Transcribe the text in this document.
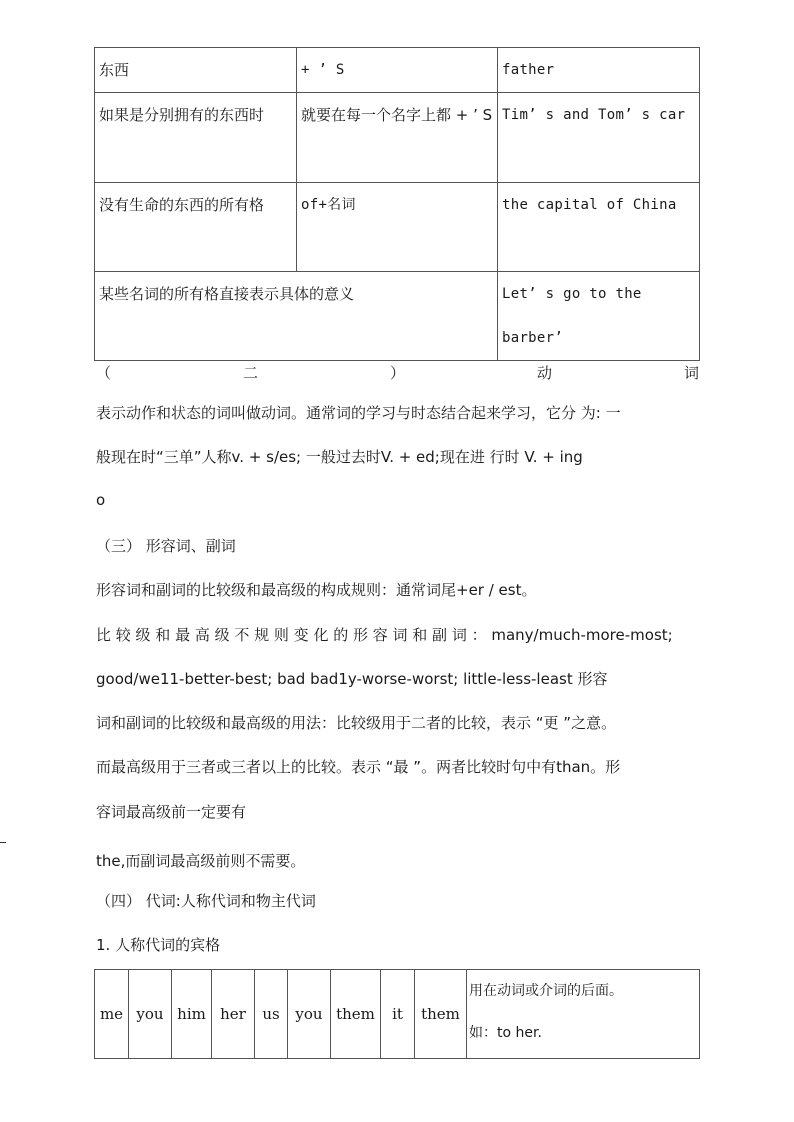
东西	+ ’ S	father
如果是分别拥有的东西时	就要在每一个名字上都 + ’ S	Tim’ s and Tom’ s car
没有生命的东西的所有格	of+名词	the capital of China
某些名词的所有格直接表示具体的意义		Let’ s go to the barber’
（	二	）	动	词
表示动作和状态的词叫做动词。通常词的学习与时态结合起来学习，它分 为: 一
般现在时“三单”人称v. + s/es; 一般过去时V. + ed;现在进 行时 V. + ing
o
（三） 形容词、副词
形容词和副词的比较级和最高级的构成规则：通常词尾+er / est。
比 较 级 和 最 高 级 不 规 则 变 化 的 形 容 词 和 副 词 ： many/much-more-most;
good/we11-better-best; bad bad1y-worse-worst; little-less-least 形容
词和副词的比较级和最高级的用法：比较级用于二者的比较，表示 “更 ”之意。
而最高级用于三者或三者以上的比较。表示 “最 ”。两者比较时句中有than。形
容词最高级前一定要有
the,而副词最高级前则不需要。
（四） 代词:人称代词和物主代词
1. 人称代词的宾格
me	you	him	her	us	you	them	it	them	
用在动词或介词的后面。
如：to her.
